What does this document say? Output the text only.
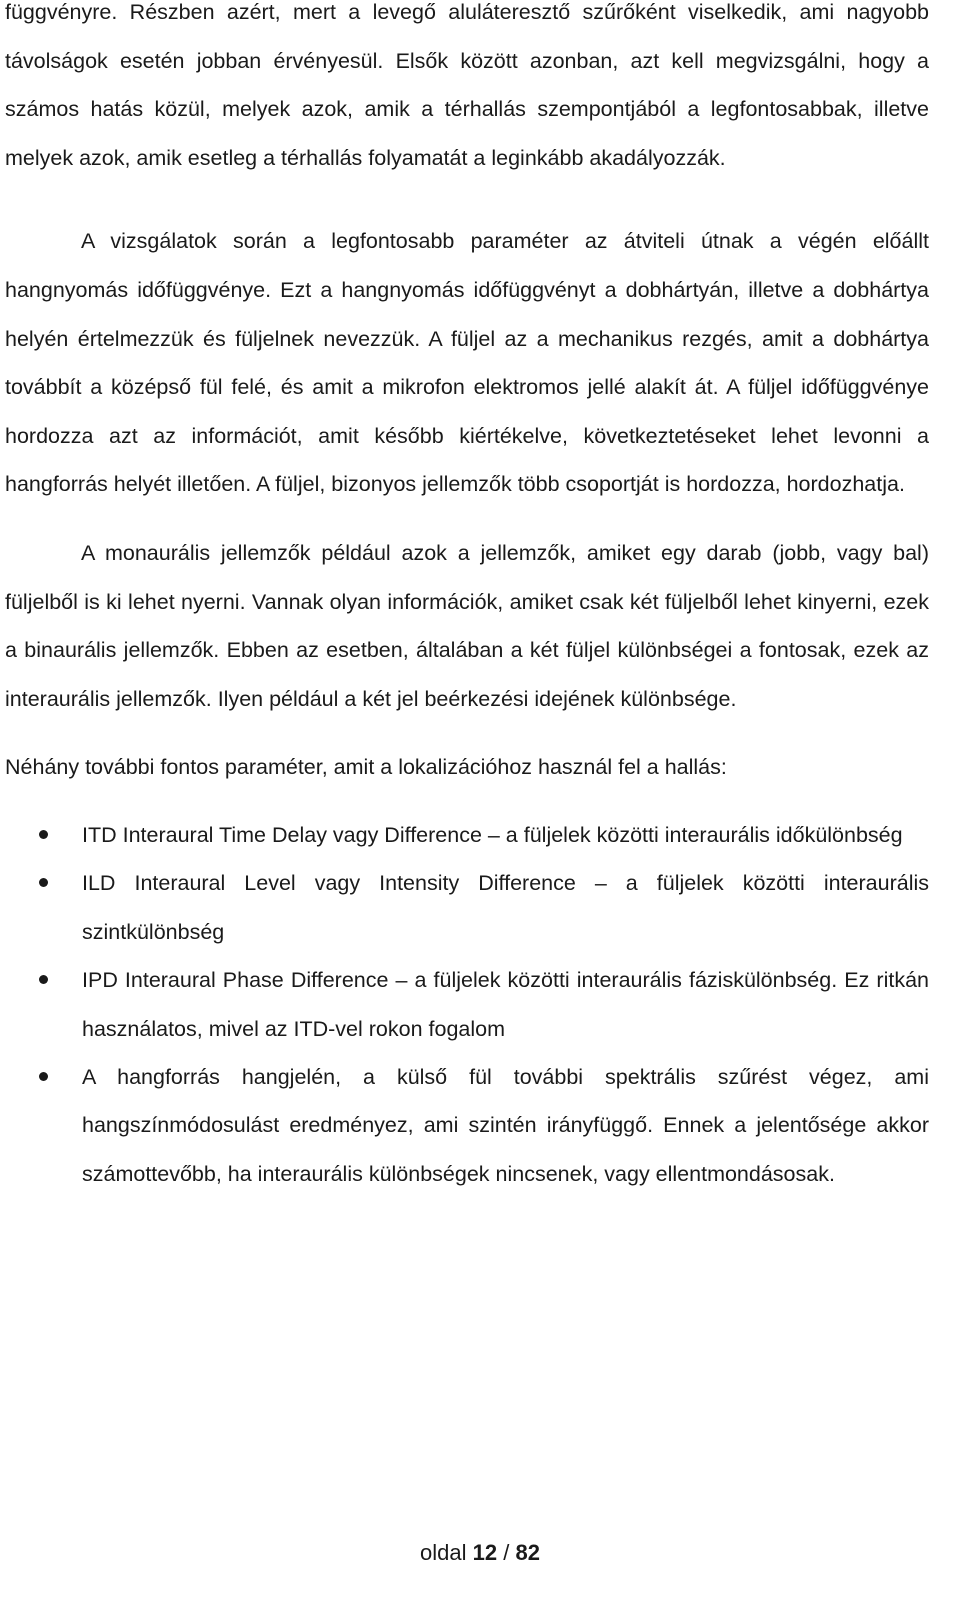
függvényre. Részben azért, mert a levegő aluláteresztő szűrőként viselkedik, ami nagyobb távolságok esetén jobban érvényesül. Elsők között azonban, azt kell megvizsgálni, hogy a számos hatás közül, melyek azok, amik a térhallás szempontjából a legfontosabbak, illetve melyek azok, amik esetleg a térhallás folyamatát a leginkább akadályozzák.

A vizsgálatok során a legfontosabb paraméter az átviteli útnak a végén előállt hangnyomás időfüggvénye. Ezt a hangnyomás időfüggvényt a dobhártyán, illetve a dobhártya helyén értelmezzük és füljelnek nevezzük. A füljel az a mechanikus rezgés, amit a dobhártya továbbít a középső fül felé, és amit a mikrofon elektromos jellé alakít át. A füljel időfüggvénye hordozza azt az információt, amit később kiértékelve, következtetéseket lehet levonni a hangforrás helyét illetően. A füljel, bizonyos jellemzők több csoportját is hordozza, hordozhatja.

A monaurális jellemzők például azok a jellemzők, amiket egy darab (jobb, vagy bal) füljelből is ki lehet nyerni. Vannak olyan információk, amiket csak két füljelből lehet kinyerni, ezek a binaurális jellemzők. Ebben az esetben, általában a két füljel különbségei a fontosak, ezek az interaurális jellemzők. Ilyen például a két jel beérkezési idejének különbsége.

Néhány további fontos paraméter, amit a lokalizációhoz használ fel a hallás:

ITD Interaural Time Delay vagy Difference – a füljelek közötti interaurális időkülönbség
ILD Interaural Level vagy Intensity Difference – a füljelek közötti interaurális szintkülönbség
IPD Interaural Phase Difference – a füljelek közötti interaurális fáziskülönbség. Ez ritkán használatos, mivel az ITD-vel rokon fogalom
A hangforrás hangjelén, a külső fül további spektrális szűrést végez, ami hangszínmódosulást eredményez, ami szintén irányfüggő. Ennek a jelentősége akkor számottevőbb, ha interaurális különbségek nincsenek, vagy ellentmondásosak.
oldal 12 / 82
